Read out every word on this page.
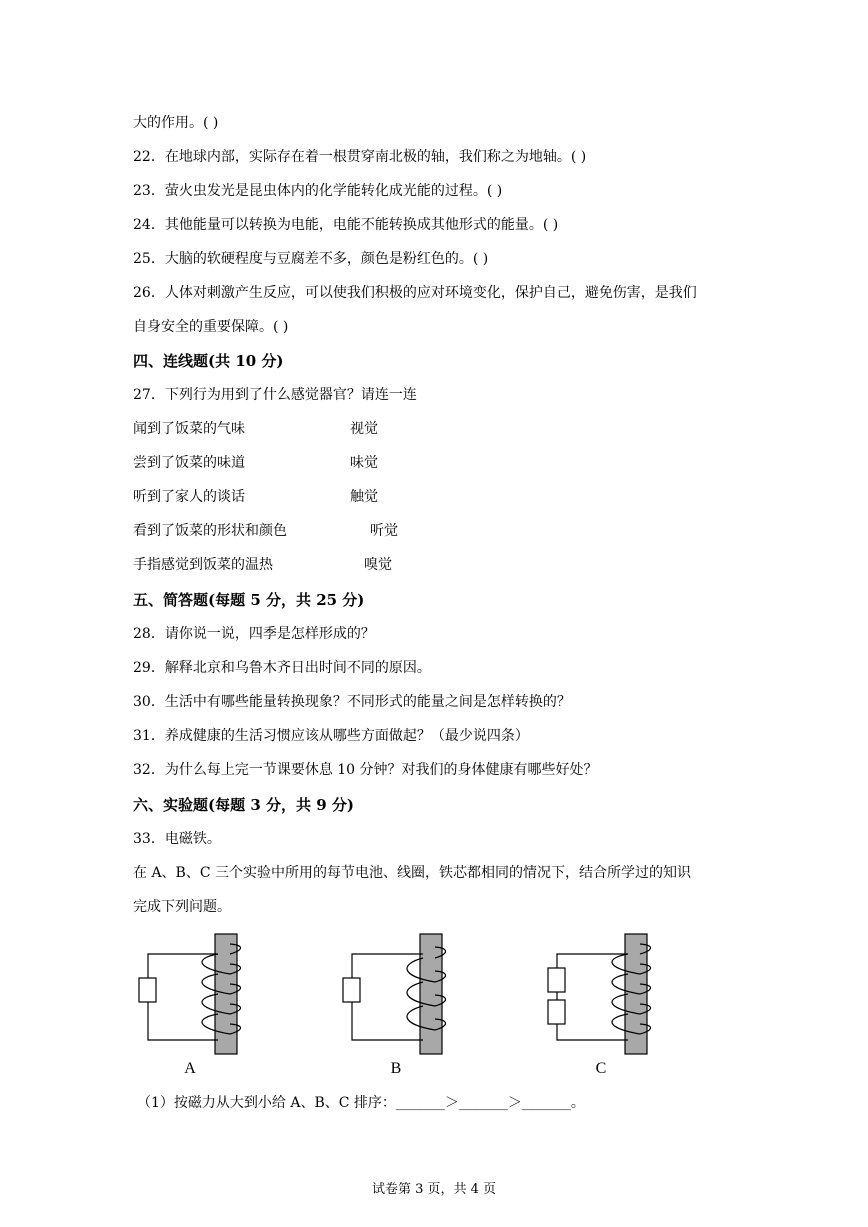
大的作用。( )
22．在地球内部，实际存在着一根贯穿南北极的轴，我们称之为地轴。( )
23．萤火虫发光是昆虫体内的化学能转化成光能的过程。( )
24．其他能量可以转换为电能，电能不能转换成其他形式的能量。( )
25．大脑的软硬程度与豆腐差不多，颜色是粉红色的。( )
26．人体对刺激产生反应，可以使我们积极的应对环境变化，保护自己，避免伤害，是我们
自身安全的重要保障。( )
四、连线题(共 10 分)
27．下列行为用到了什么感觉器官？请连一连
闻到了饭菜的气味	视觉
尝到了饭菜的味道	味觉
听到了家人的谈话	触觉
看到了饭菜的形状和颜色	听觉
手指感觉到饭菜的温热	嗅觉
五、简答题(每题 5 分，共 25 分)
28．请你说一说，四季是怎样形成的？
29．解释北京和乌鲁木齐日出时间不同的原因。
30．生活中有哪些能量转换现象？不同形式的能量之间是怎样转换的？
31．养成健康的生活习惯应该从哪些方面做起？（最少说四条）
32．为什么每上完一节课要休息 10 分钟？对我们的身体健康有哪些好处？
六、实验题(每题 3 分，共 9 分)
33．电磁铁。
在 A、B、C 三个实验中所用的每节电池、线圈，铁芯都相同的情况下，结合所学过的知识
完成下列问题。
A	B	C
（1）按磁力从大到小给 A、B、C 排序：_______＞_______＞_______。
试卷第 3 页，共 4 页
